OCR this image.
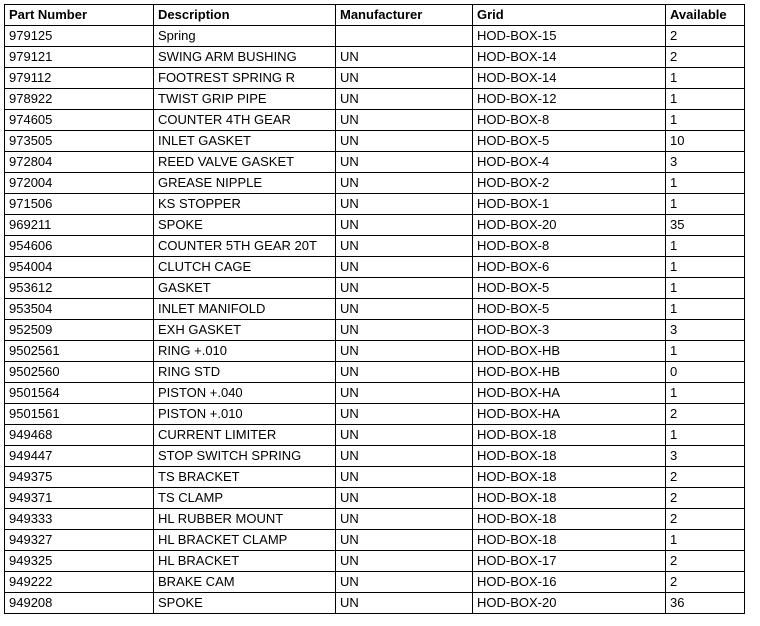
Part Number	Description	Manufacturer	Grid	Available
979125	Spring		HOD-BOX-15	2
979121	SWING ARM BUSHING	UN	HOD-BOX-14	2
979112	FOOTREST SPRING R	UN	HOD-BOX-14	1
978922	TWIST GRIP PIPE	UN	HOD-BOX-12	1
974605	COUNTER 4TH GEAR	UN	HOD-BOX-8	1
973505	INLET GASKET	UN	HOD-BOX-5	10
972804	REED VALVE GASKET	UN	HOD-BOX-4	3
972004	GREASE NIPPLE	UN	HOD-BOX-2	1
971506	KS STOPPER	UN	HOD-BOX-1	1
969211	SPOKE	UN	HOD-BOX-20	35
954606	COUNTER 5TH GEAR 20T	UN	HOD-BOX-8	1
954004	CLUTCH CAGE	UN	HOD-BOX-6	1
953612	GASKET	UN	HOD-BOX-5	1
953504	INLET MANIFOLD	UN	HOD-BOX-5	1
952509	EXH GASKET	UN	HOD-BOX-3	3
9502561	RING +.010	UN	HOD-BOX-HB	1
9502560	RING STD	UN	HOD-BOX-HB	0
9501564	PISTON +.040	UN	HOD-BOX-HA	1
9501561	PISTON +.010	UN	HOD-BOX-HA	2
949468	CURRENT LIMITER	UN	HOD-BOX-18	1
949447	STOP SWITCH SPRING	UN	HOD-BOX-18	3
949375	TS BRACKET	UN	HOD-BOX-18	2
949371	TS CLAMP	UN	HOD-BOX-18	2
949333	HL RUBBER MOUNT	UN	HOD-BOX-18	2
949327	HL BRACKET CLAMP	UN	HOD-BOX-18	1
949325	HL BRACKET	UN	HOD-BOX-17	2
949222	BRAKE CAM	UN	HOD-BOX-16	2
949208	SPOKE	UN	HOD-BOX-20	36
